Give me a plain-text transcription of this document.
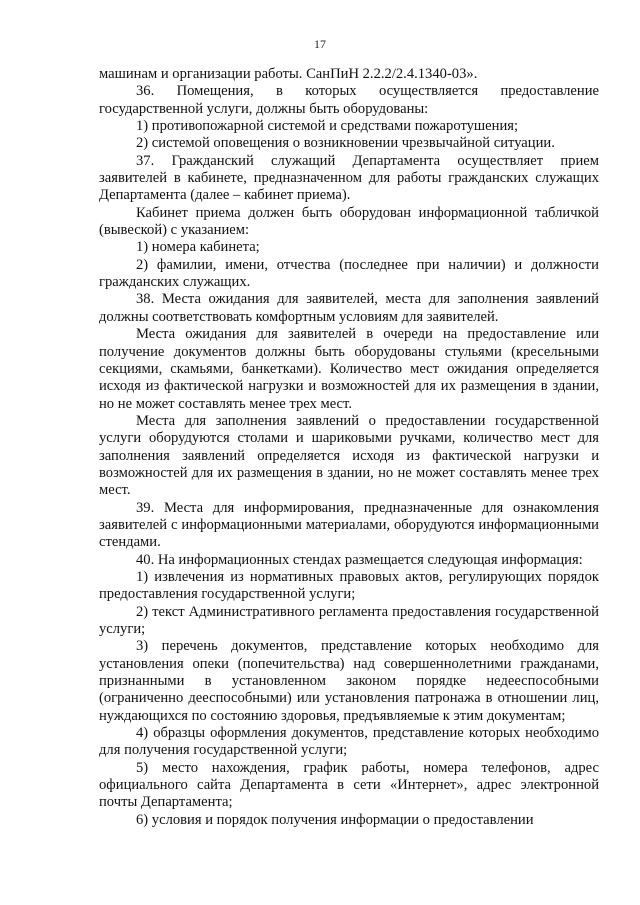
17

машинам и организации работы. СанПиН 2.2.2/2.4.1340-03».

36. Помещения, в которых осуществляется предоставление государственной услуги, должны быть оборудованы:

1) противопожарной системой и средствами пожаротушения;

2) системой оповещения о возникновении чрезвычайной ситуации.

37. Гражданский служащий Департамента осуществляет прием заявителей в кабинете, предназначенном для работы гражданских служащих Департамента (далее – кабинет приема).

Кабинет приема должен быть оборудован информационной табличкой (вывеской) с указанием:

1) номера кабинета;

2) фамилии, имени, отчества (последнее при наличии) и должности гражданских служащих.

38. Места ожидания для заявителей, места для заполнения заявлений должны соответствовать комфортным условиям для заявителей.

Места ожидания для заявителей в очереди на предоставление или получение документов должны быть оборудованы стульями (кресельными секциями, скамьями, банкетками). Количество мест ожидания определяется исходя из фактической нагрузки и возможностей для их размещения в здании, но не может составлять менее трех мест.

Места для заполнения заявлений о предоставлении государственной услуги оборудуются столами и шариковыми ручками, количество мест для заполнения заявлений определяется исходя из фактической нагрузки и возможностей для их размещения в здании, но не может составлять менее трех мест.

39. Места для информирования, предназначенные для ознакомления заявителей с информационными материалами, оборудуются информационными стендами.

40. На информационных стендах размещается следующая информация:

1) извлечения из нормативных правовых актов, регулирующих порядок предоставления государственной услуги;

2) текст Административного регламента предоставления государственной услуги;

3) перечень документов, представление которых необходимо для установления опеки (попечительства) над совершеннолетними гражданами, признанными в установленном законом порядке недееспособными (ограниченно дееспособными) или установления патронажа в отношении лиц, нуждающихся по состоянию здоровья, предъявляемые к этим документам;

4) образцы оформления документов, представление которых необходимо для получения государственной услуги;

5) место нахождения, график работы, номера телефонов, адрес официального сайта Департамента в сети «Интернет», адрес электронной почты Департамента;

6) условия и порядок получения информации о предоставлении
